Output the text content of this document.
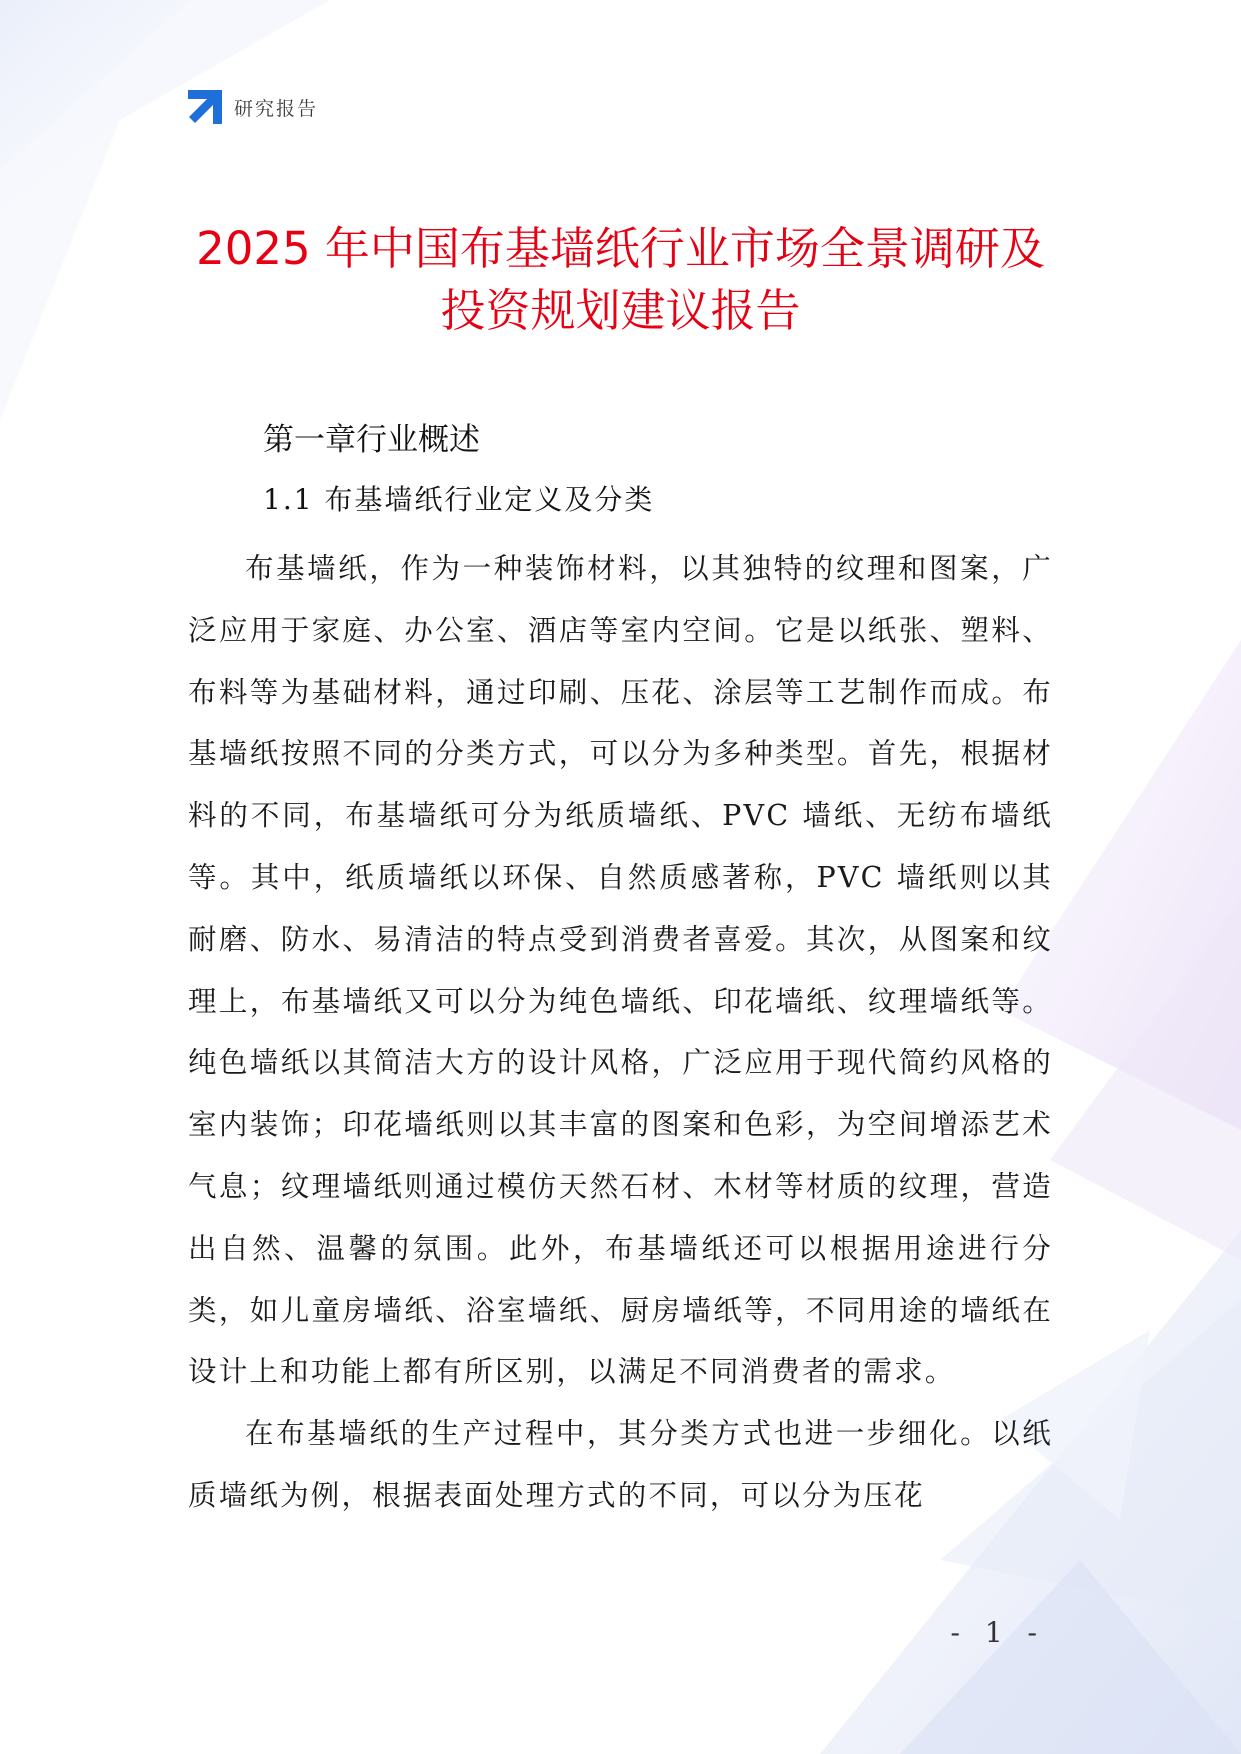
研究报告
2025 年中国布基墙纸行业市场全景调研及
投资规划建议报告
第一章行业概述
1.1 布基墙纸行业定义及分类

布基墙纸，作为一种装饰材料，以其独特的纹理和图案，广泛应用于家庭、办公室、酒店等室内空间。它是以纸张、塑料、布料等为基础材料，通过印刷、压花、涂层等工艺制作而成。布基墙纸按照不同的分类方式，可以分为多种类型。首先，根据材料的不同，布基墙纸可分为纸质墙纸、PVC 墙纸、无纺布墙纸等。其中，纸质墙纸以环保、自然质感著称，PVC 墙纸则以其耐磨、防水、易清洁的特点受到消费者喜爱。其次，从图案和纹理上，布基墙纸又可以分为纯色墙纸、印花墙纸、纹理墙纸等。纯色墙纸以其简洁大方的设计风格，广泛应用于现代简约风格的室内装饰；印花墙纸则以其丰富的图案和色彩，为空间增添艺术气息；纹理墙纸则通过模仿天然石材、木材等材质的纹理，营造出自然、温馨的氛围。此外，布基墙纸还可以根据用途进行分类，如儿童房墙纸、浴室墙纸、厨房墙纸等，不同用途的墙纸在设计上和功能上都有所区别，以满足不同消费者的需求。

在布基墙纸的生产过程中，其分类方式也进一步细化。以纸质墙纸为例，根据表面处理方式的不同，可以分为压花

- 1 -
